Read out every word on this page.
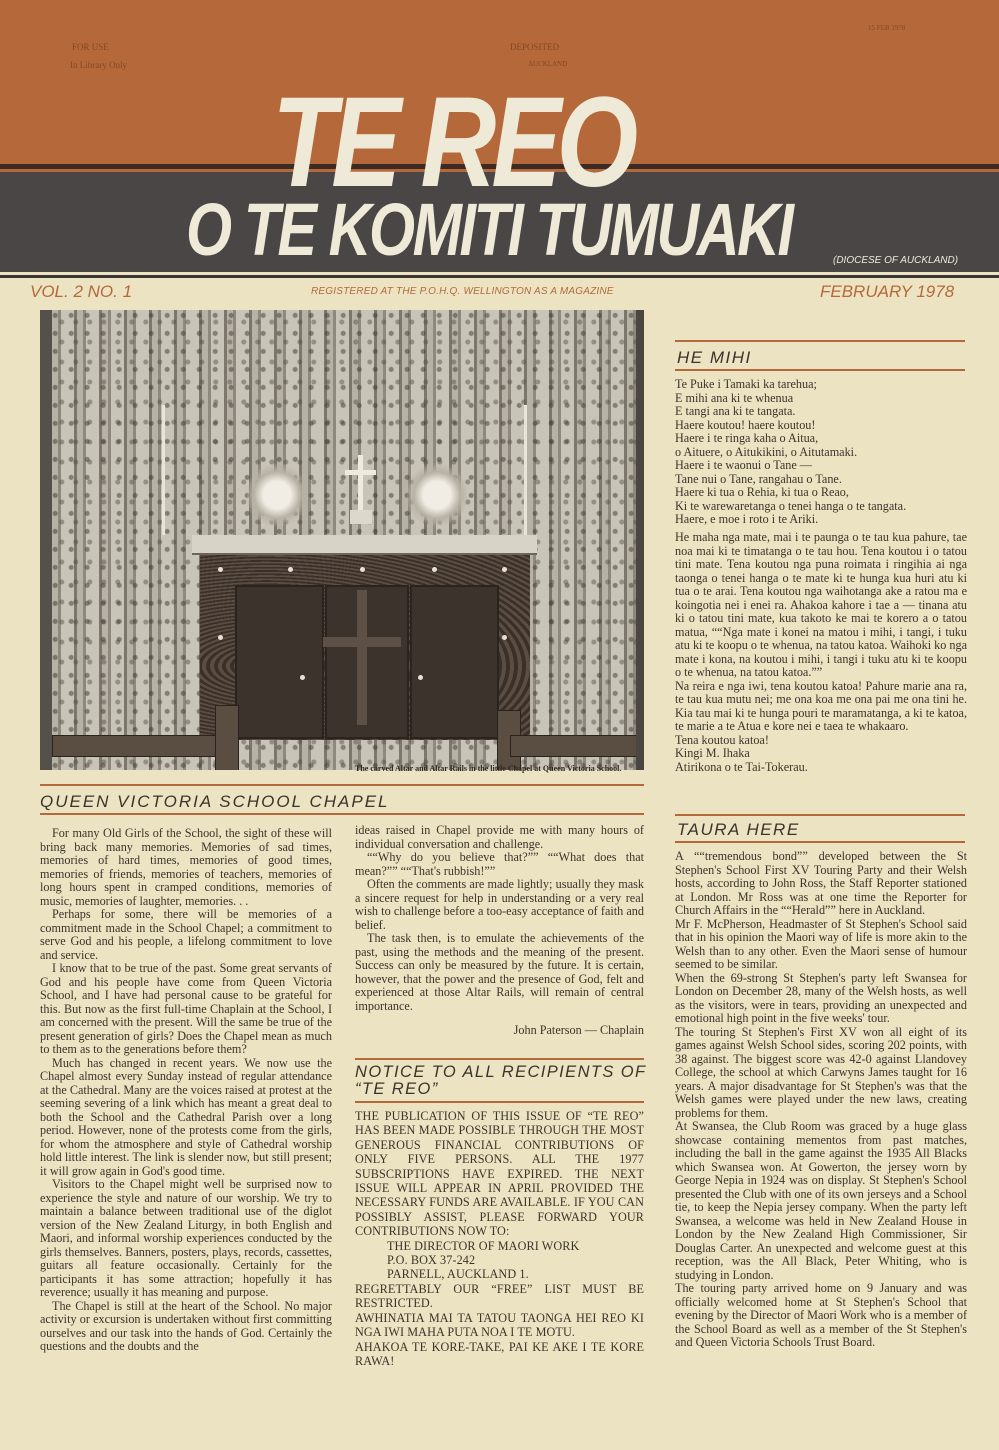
FOR USE
In Library Only
DEPOSITED
AUCKLAND
15 FEB 1978
TE REO
O TE KOMITI TUMUAKI	(DIOCESE OF AUCKLAND)
VOL. 2 NO. 1	REGISTERED AT THE P.O.H.Q. WELLINGTON AS A MAGAZINE	FEBRUARY 1978
The carved Altar and Altar Rails in the little Chapel at Queen Victoria School.
QUEEN VICTORIA SCHOOL CHAPEL

For many Old Girls of the School, the sight of these will bring back many memories. Memories of sad times, memories of hard times, memories of good times, memories of friends, memories of teachers, memories of long hours spent in cramped conditions, memories of music, memories of laughter, memories. . .

Perhaps for some, there will be memories of a commitment made in the School Chapel; a commitment to serve God and his people, a lifelong commitment to love and service.

I know that to be true of the past. Some great servants of God and his people have come from Queen Victoria School, and I have had personal cause to be grateful for this. But now as the first full-time Chaplain at the School, I am concerned with the present. Will the same be true of the present generation of girls? Does the Chapel mean as much to them as to the generations before them?

Much has changed in recent years. We now use the Chapel almost every Sunday instead of regular attendance at the Cathedral. Many are the voices raised at protest at the seeming severing of a link which has meant a great deal to both the School and the Cathedral Parish over a long period. However, none of the protests come from the girls, for whom the atmosphere and style of Cathedral worship hold little interest. The link is slender now, but still present; it will grow again in God's good time.

Visitors to the Chapel might well be surprised now to experience the style and nature of our worship. We try to maintain a balance between traditional use of the diglot version of the New Zealand Liturgy, in both English and Maori, and informal worship experiences conducted by the girls themselves. Banners, posters, plays, records, cassettes, guitars all feature occasionally. Certainly for the participants it has some attraction; hopefully it has reverence; usually it has meaning and purpose.

The Chapel is still at the heart of the School. No major activity or excursion is undertaken without first committing ourselves and our task into the hands of God. Certainly the questions and the doubts and the

ideas raised in Chapel provide me with many hours of individual conversation and challenge.

““Why do you believe that?”” ““What does that mean?”” ““That's rubbish!””

Often the comments are made lightly; usually they mask a sincere request for help in understanding or a very real wish to challenge before a too-easy acceptance of faith and belief.

The task then, is to emulate the achievements of the past, using the methods and the meaning of the present. Success can only be measured by the future. It is certain, however, that the power and the presence of God, felt and experienced at those Altar Rails, will remain of central importance.

John Paterson — Chaplain

NOTICE TO ALL RECIPIENTS OF
“TE REO”

THE PUBLICATION OF THIS ISSUE OF “TE REO” HAS BEEN MADE POSSIBLE THROUGH THE MOST GENEROUS FINANCIAL CONTRIBUTIONS OF ONLY FIVE PERSONS. ALL THE 1977 SUBSCRIPTIONS HAVE EXPIRED. THE NEXT ISSUE WILL APPEAR IN APRIL PROVIDED THE NECESSARY FUNDS ARE AVAILABLE. IF YOU CAN POSSIBLY ASSIST, PLEASE FORWARD YOUR CONTRIBUTIONS NOW TO:

THE DIRECTOR OF MAORI WORK

P.O. BOX 37-242

PARNELL, AUCKLAND 1.

REGRETTABLY OUR “FREE” LIST MUST BE RESTRICTED.

AWHINATIA MAI TA TATOU TAONGA HEI REO KI NGA IWI MAHA PUTA NOA I TE MOTU.

AHAKOA TE KORE-TAKE, PAI KE AKE I TE KORE RAWA!

HE MIHI

Te Puke i Tamaki ka tarehua;

E mihi ana ki te whenua

E tangi ana ki te tangata.

Haere koutou! haere koutou!

Haere i te ringa kaha o Aitua,

o Aituere, o Aitukikini, o Aitutamaki.

Haere i te waonui o Tane —

Tane nui o Tane, rangahau o Tane.

Haere ki tua o Rehia, ki tua o Reao,

Ki te warewaretanga o tenei hanga o te tangata.

Haere, e moe i roto i te Ariki.

He maha nga mate, mai i te paunga o te tau kua pahure, tae noa mai ki te timatanga o te tau hou. Tena koutou i o tatou tini mate. Tena koutou nga puna roimata i ringihia ai nga taonga o tenei hanga o te mate ki te hunga kua huri atu ki tua o te arai. Tena koutou nga waihotanga ake a ratou ma e koingotia nei i enei ra. Ahakoa kahore i tae a — tinana atu ki o tatou tini mate, kua takoto ke mai te korero a o tatou matua, ““Nga mate i konei na matou i mihi, i tangi, i tuku atu ki te koopu o te whenua, na tatou katoa. Waihoki ko nga mate i kona, na koutou i mihi, i tangi i tuku atu ki te koopu o te whenua, na tatou katoa.””

Na reira e nga iwi, tena koutou katoa! Pahure marie ana ra, te tau kua mutu nei; me ona koa me ona pai me ona tini he. Kia tau mai ki te hunga pouri te maramatanga, a ki te katoa, te marie a te Atua e kore nei e taea te whakaaro.

Tena koutou katoa!

Kingi M. Ihaka

Atirikona o te Tai-Tokerau.

TAURA HERE

A ““tremendous bond”” developed between the St Stephen's School First XV Touring Party and their Welsh hosts, according to John Ross, the Staff Reporter stationed at London. Mr Ross was at one time the Reporter for Church Affairs in the ““Herald”” here in Auckland.

Mr F. McPherson, Headmaster of St Stephen's School said that in his opinion the Maori way of life is more akin to the Welsh than to any other. Even the Maori sense of humour seemed to be similar.

When the 69-strong St Stephen's party left Swansea for London on December 28, many of the Welsh hosts, as well as the visitors, were in tears, providing an unexpected and emotional high point in the five weeks' tour.

The touring St Stephen's First XV won all eight of its games against Welsh School sides, scoring 202 points, with 38 against. The biggest score was 42-0 against Llandovey College, the school at which Carwyns James taught for 16 years. A major disadvantage for St Stephen's was that the Welsh games were played under the new laws, creating problems for them.

At Swansea, the Club Room was graced by a huge glass showcase containing mementos from past matches, including the ball in the game against the 1935 All Blacks which Swansea won. At Gowerton, the jersey worn by George Nepia in 1924 was on display. St Stephen's School presented the Club with one of its own jerseys and a School tie, to keep the Nepia jersey company. When the party left Swansea, a welcome was held in New Zealand House in London by the New Zealand High Commissioner, Sir Douglas Carter. An unexpected and welcome guest at this reception, was the All Black, Peter Whiting, who is studying in London.

The touring party arrived home on 9 January and was officially welcomed home at St Stephen's School that evening by the Director of Maori Work who is a member of the School Board as well as a member of the St Stephen's and Queen Victoria Schools Trust Board.
